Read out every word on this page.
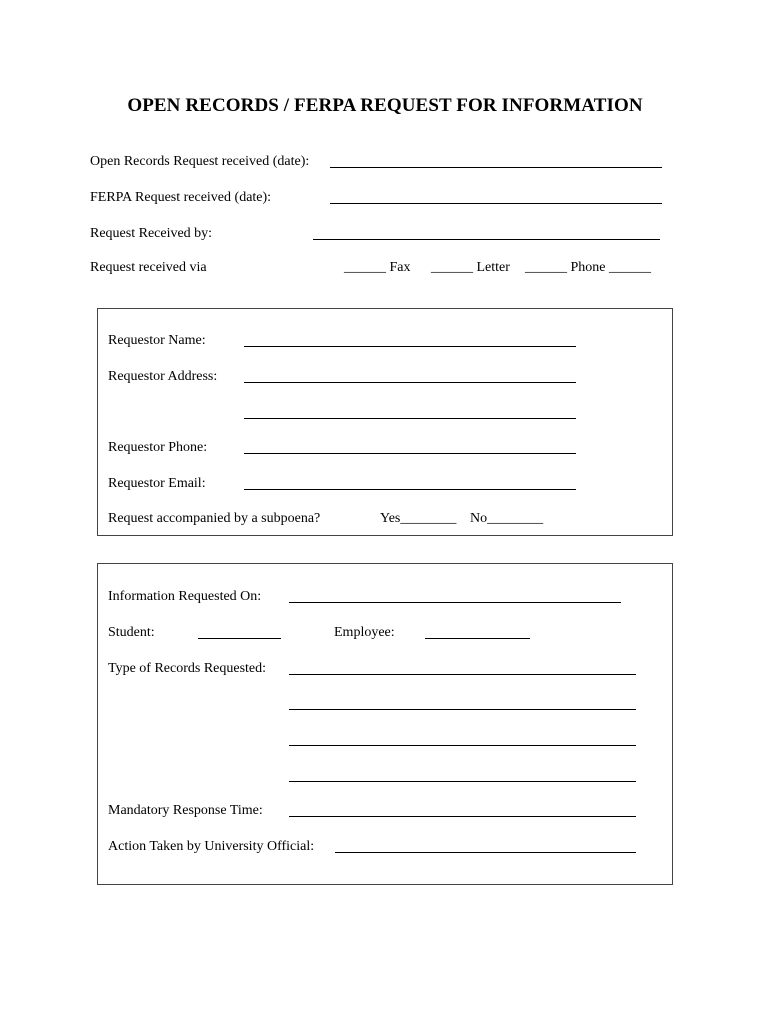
OPEN RECORDS / FERPA REQUEST FOR INFORMATION
Open Records Request received (date):
FERPA Request received (date):
Request Received by:
Request received via	______ Fax ______ Letter ______ Phone ______
Requestor Name:
Requestor Address:
Requestor Phone:
Requestor Email:
Request accompanied by a subpoena?	Yes________ No________
Information Requested On:
Student:	Employee:
Type of Records Requested:
Mandatory Response Time:
Action Taken by University Official:
